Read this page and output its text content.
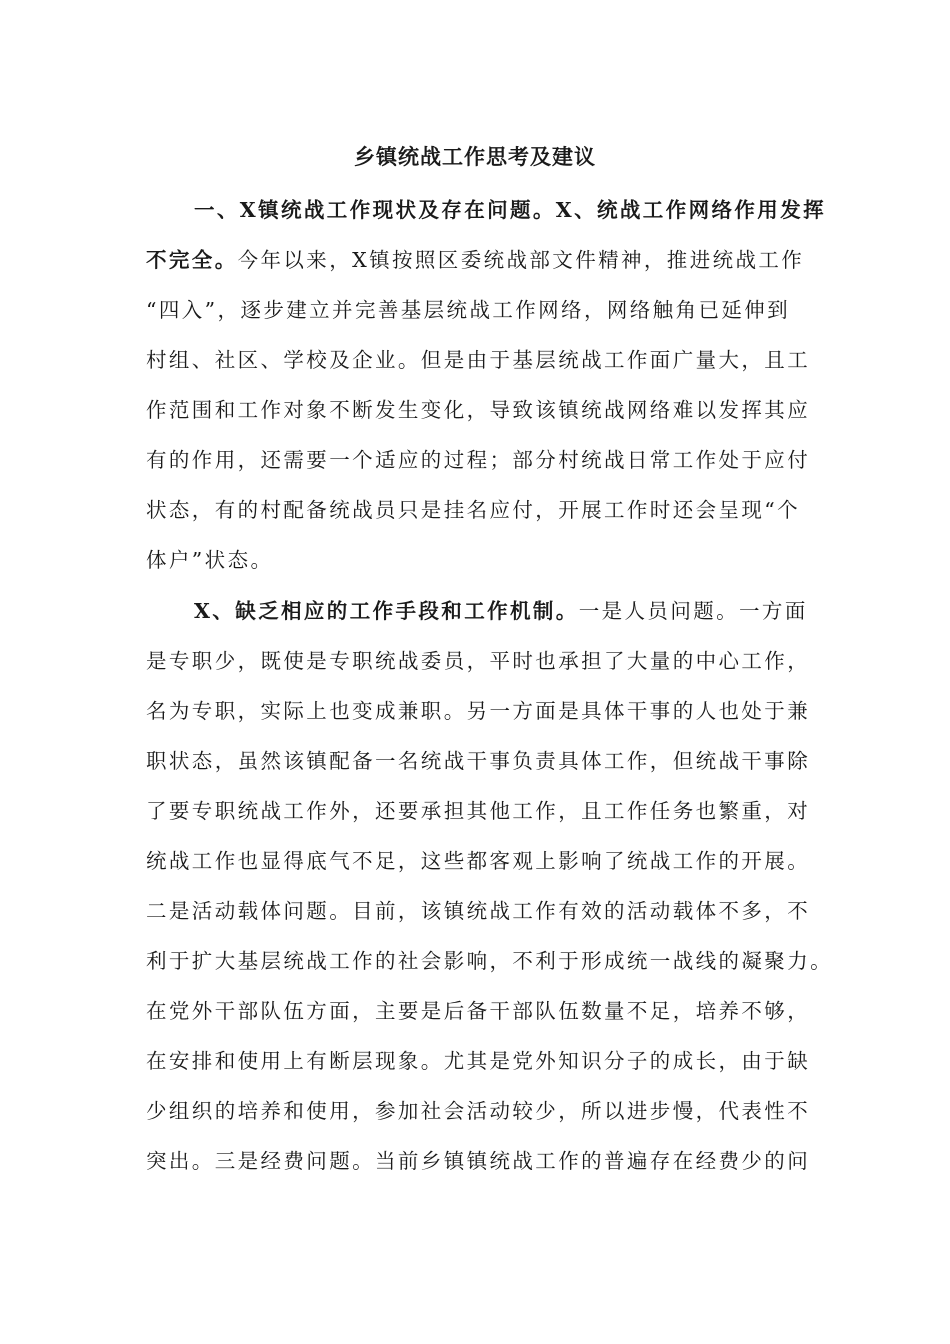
乡镇统战工作思考及建议
一、X镇统战工作现状及存在问题。X、统战工作网络作用发挥
不完全。今年以来，X镇按照区委统战部文件精神，推进统战工作
“四入”，逐步建立并完善基层统战工作网络，网络触角已延伸到
村组、社区、学校及企业。但是由于基层统战工作面广量大，且工
作范围和工作对象不断发生变化，导致该镇统战网络难以发挥其应
有的作用，还需要一个适应的过程；部分村统战日常工作处于应付
状态，有的村配备统战员只是挂名应付，开展工作时还会呈现“个
体户”状态。
X、缺乏相应的工作手段和工作机制。一是人员问题。一方面
是专职少，既使是专职统战委员，平时也承担了大量的中心工作，
名为专职，实际上也变成兼职。另一方面是具体干事的人也处于兼
职状态，虽然该镇配备一名统战干事负责具体工作，但统战干事除
了要专职统战工作外，还要承担其他工作，且工作任务也繁重，对
统战工作也显得底气不足，这些都客观上影响了统战工作的开展。
二是活动载体问题。目前，该镇统战工作有效的活动载体不多，不
利于扩大基层统战工作的社会影响，不利于形成统一战线的凝聚力。
在党外干部队伍方面，主要是后备干部队伍数量不足，培养不够，
在安排和使用上有断层现象。尤其是党外知识分子的成长，由于缺
少组织的培养和使用，参加社会活动较少，所以进步慢，代表性不
突出。三是经费问题。当前乡镇镇统战工作的普遍存在经费少的问
